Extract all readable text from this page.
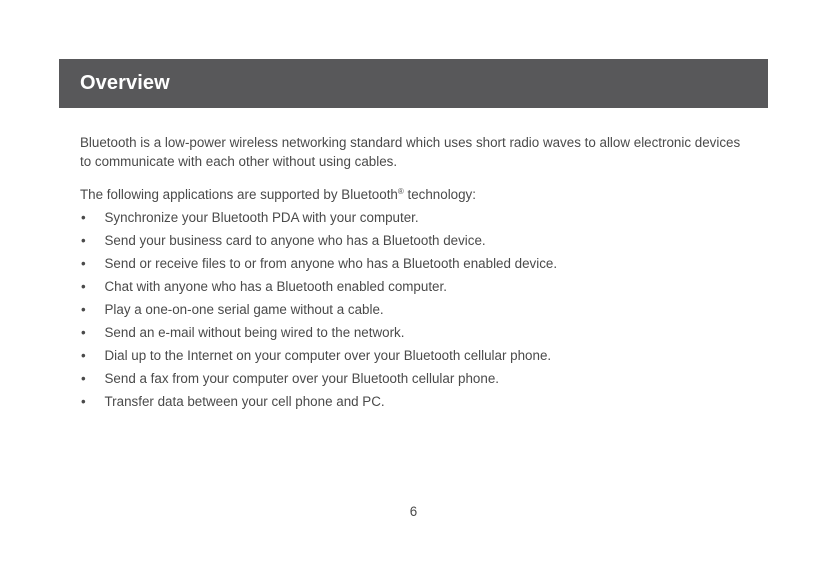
Overview

Bluetooth is a low-power wireless networking standard which uses short radio waves to allow electronic devices to communicate with each other without using cables.

The following applications are supported by Bluetooth® technology:

• Synchronize your Bluetooth PDA with your computer.
• Send your business card to anyone who has a Bluetooth device.
• Send or receive files to or from anyone who has a Bluetooth enabled device.
• Chat with anyone who has a Bluetooth enabled computer.
• Play a one-on-one serial game without a cable.
• Send an e-mail without being wired to the network.
• Dial up to the Internet on your computer over your Bluetooth cellular phone.
• Send a fax from your computer over your Bluetooth cellular phone.
• Transfer data between your cell phone and PC.
6
